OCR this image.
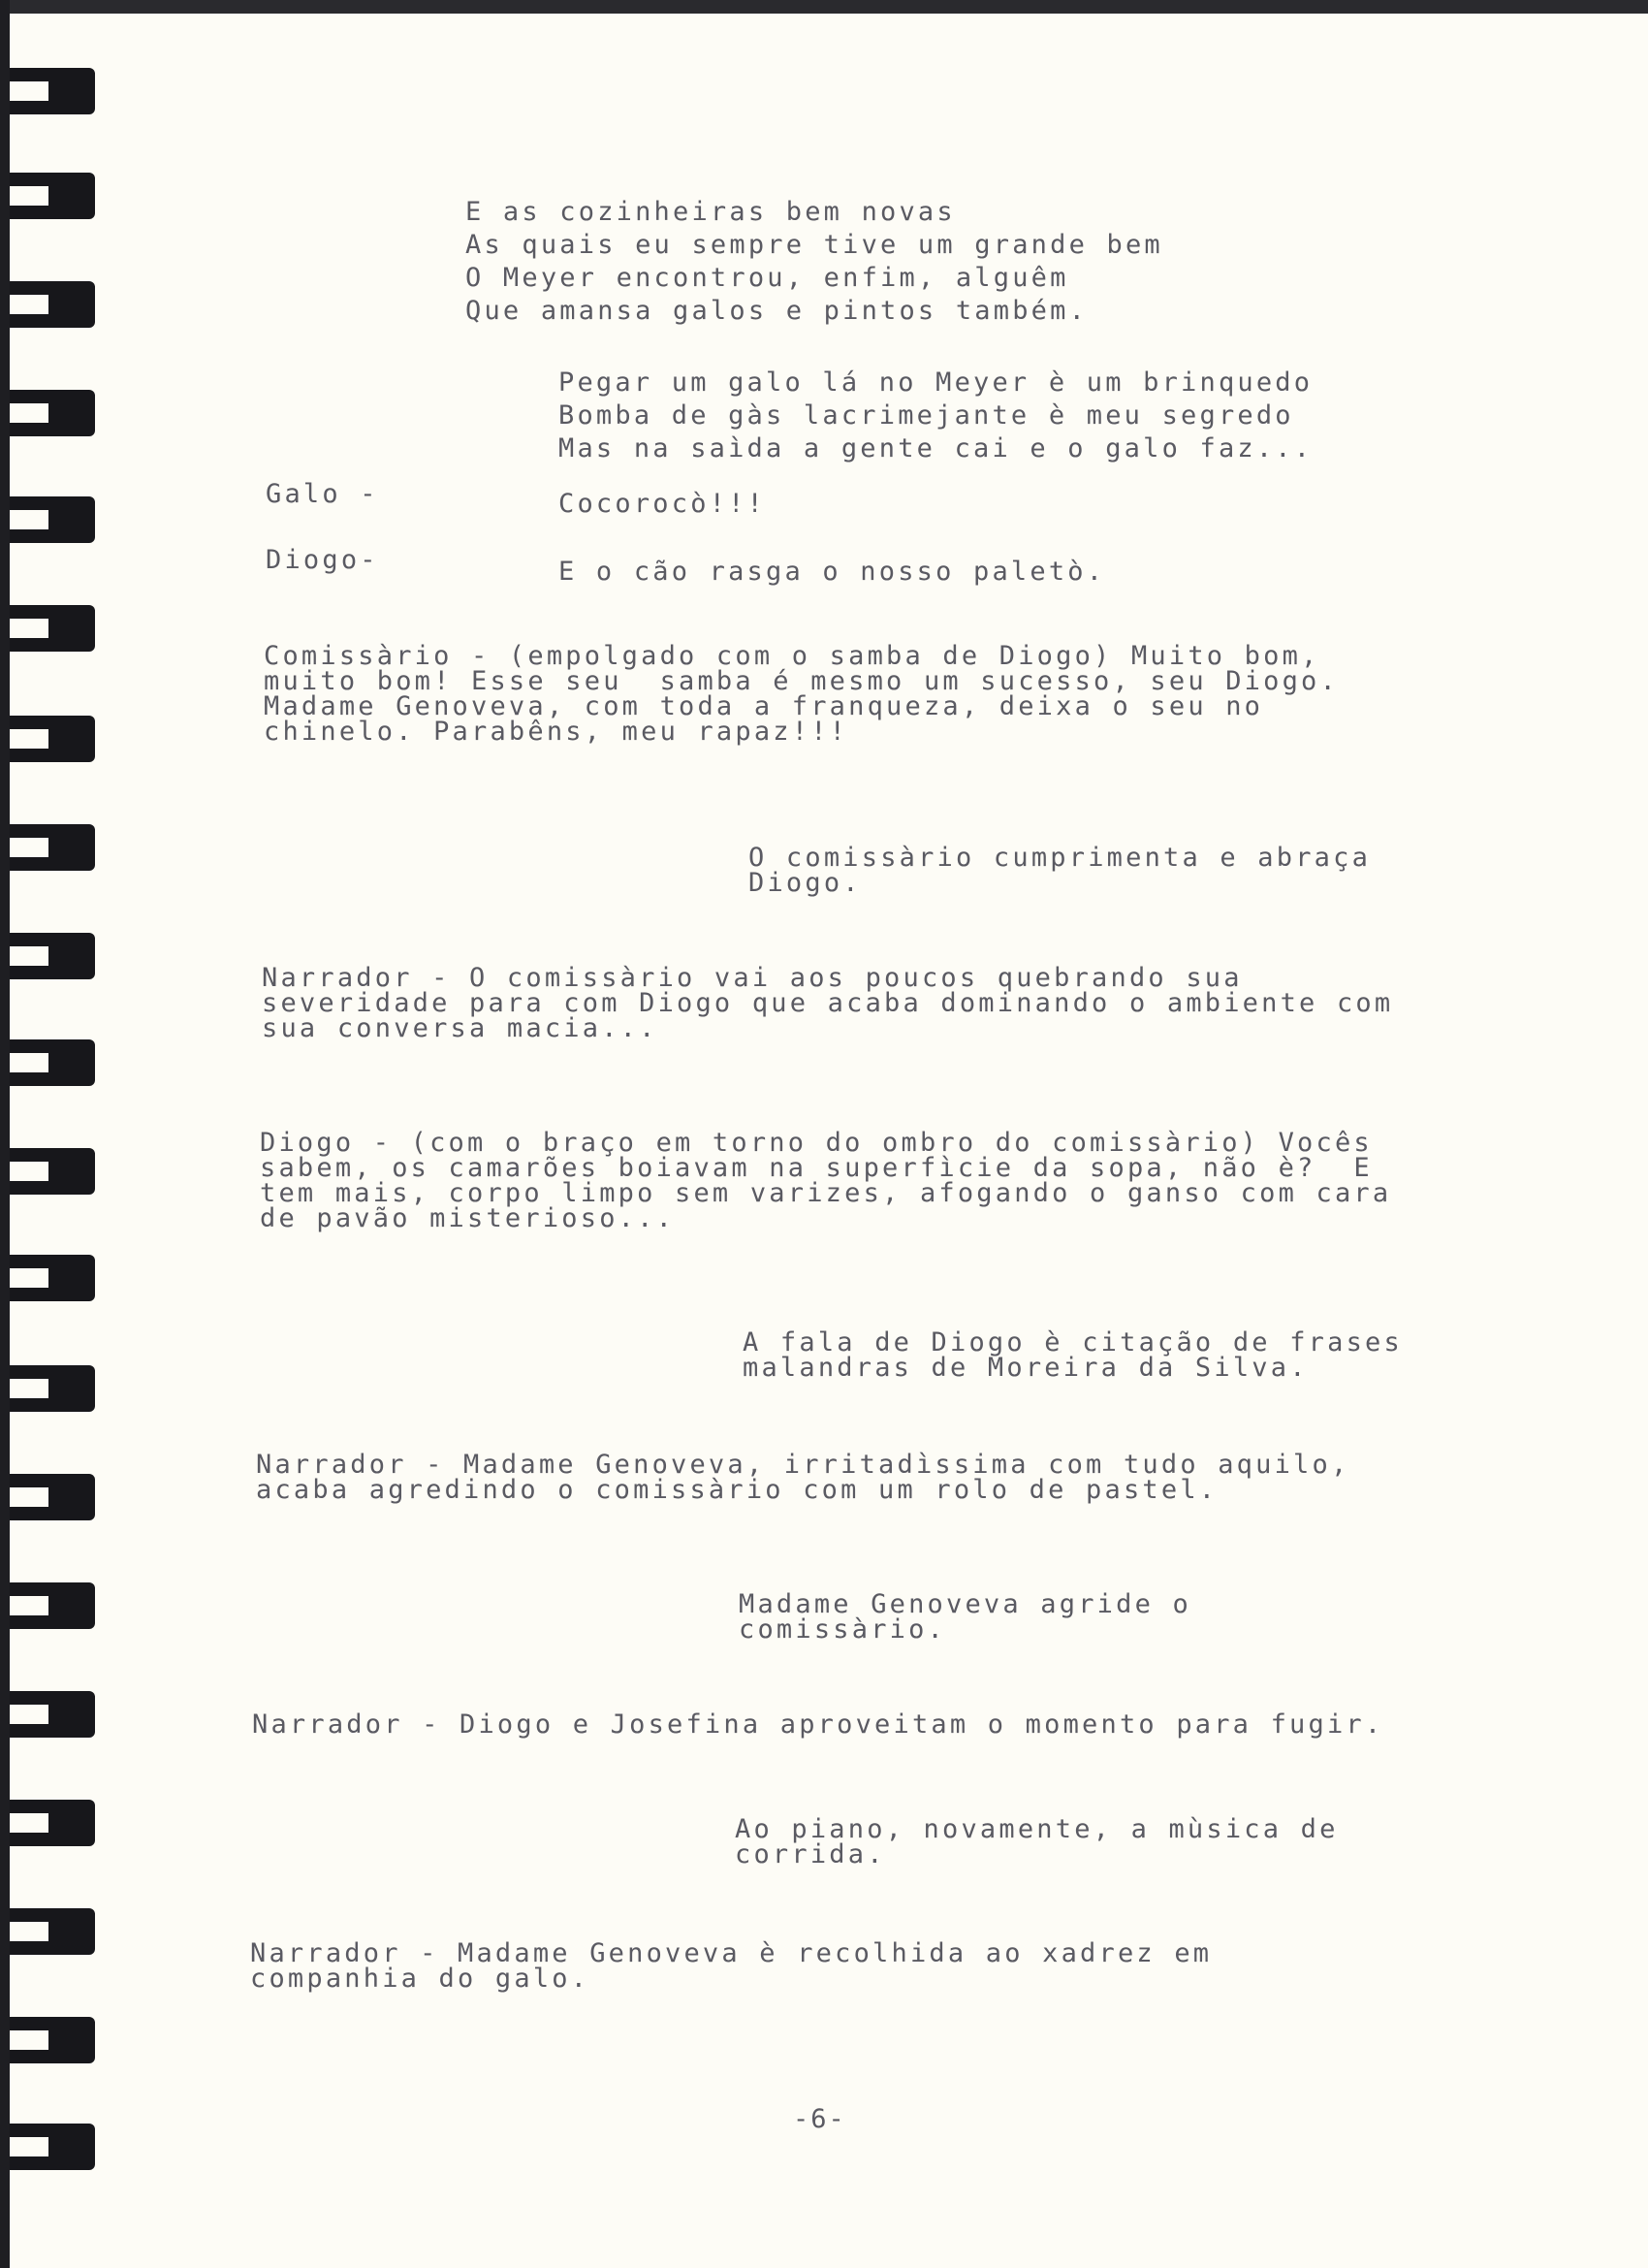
E as cozinheiras bem novas
As quais eu sempre tive um grande bem
O Meyer encontrou, enfim, alguêm
Que amansa galos e pintos também.
Pegar um galo lá no Meyer è um brinquedo
Bomba de gàs lacrimejante è meu segredo
Mas na saìda a gente cai e o galo faz...

Galo -	Cocorocò!!!

Diogo-	E o cão rasga o nosso paletò.

Comissàrio - (empolgado com o samba de Diogo) Muito bom,
muito bom! Esse seu  samba é mesmo um sucesso, seu Diogo.
Madame Genoveva, com toda a franqueza, deixa o seu no
chinelo. Parabêns, meu rapaz!!!
O comissàrio cumprimenta e abraça
Diogo.
Narrador - O comissàrio vai aos poucos quebrando sua
severidade para com Diogo que acaba dominando o ambiente com
sua conversa macia...
Diogo - (com o braço em torno do ombro do comissàrio) Vocês
sabem, os camarões boiavam na superfìcie da sopa, não è?  E
tem mais, corpo limpo sem varizes, afogando o ganso com cara
de pavão misterioso...
A fala de Diogo è citação de frases
malandras de Moreira da Silva.
Narrador - Madame Genoveva, irritadìssima com tudo aquilo,
acaba agredindo o comissàrio com um rolo de pastel.
Madame Genoveva agride o
comissàrio.
Narrador - Diogo e Josefina aproveitam o momento para fugir.
Ao piano, novamente, a mùsica de
corrida.
Narrador - Madame Genoveva è recolhida ao xadrez em
companhia do galo.
-6-
